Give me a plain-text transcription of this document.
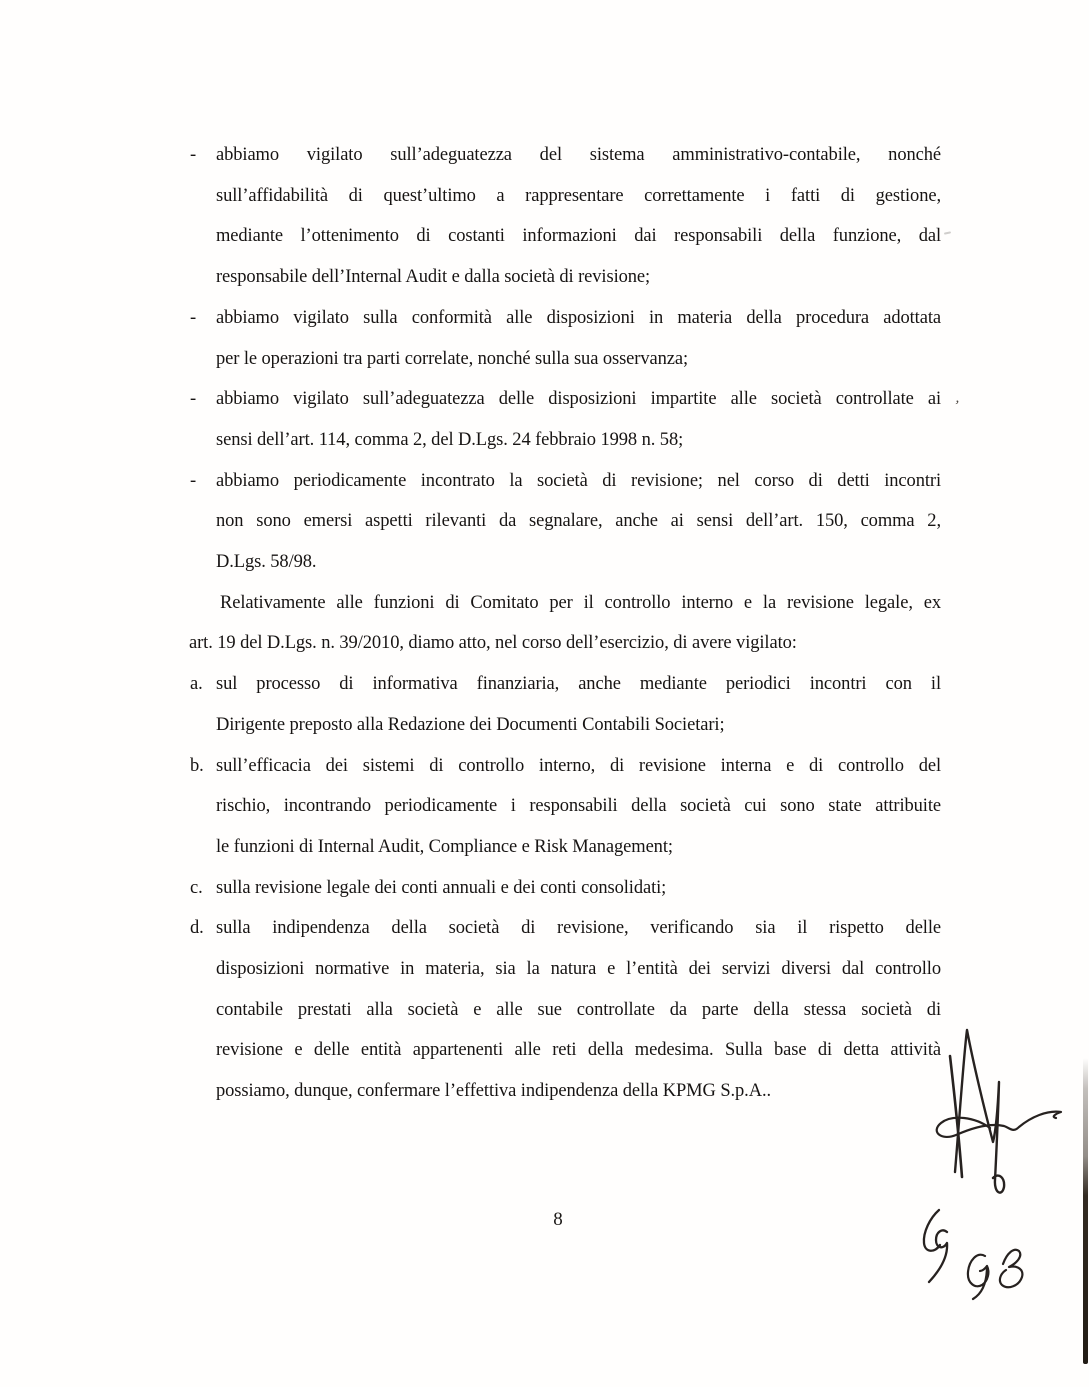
-	abbiamo vigilato sull’adeguatezza del sistema amministrativo-contabile, nonché
sull’affidabilità di quest’ultimo a rappresentare correttamente i fatti di gestione,
mediante l’ottenimento di costanti informazioni dai responsabili della funzione, dal
responsabile dell’Internal Audit e dalla società di revisione;
-	abbiamo vigilato sulla conformità alle disposizioni in materia della procedura adottata
per le operazioni tra parti correlate, nonché sulla sua osservanza;
-	abbiamo vigilato sull’adeguatezza delle disposizioni impartite alle società controllate ai
sensi dell’art. 114, comma 2, del D.Lgs. 24 febbraio 1998 n. 58;
-	abbiamo periodicamente incontrato la società di revisione; nel corso di detti incontri
non sono emersi aspetti rilevanti da segnalare, anche ai sensi dell’art. 150, comma 2,
D.Lgs. 58/98.
Relativamente alle funzioni di Comitato per il controllo interno e la revisione legale, ex
art. 19 del D.Lgs. n. 39/2010, diamo atto, nel corso dell’esercizio, di avere vigilato:
a. sul processo di informativa finanziaria, anche mediante periodici incontri con il
Dirigente preposto alla Redazione dei Documenti Contabili Societari;
b. sull’efficacia dei sistemi di controllo interno, di revisione interna e di controllo del
rischio, incontrando periodicamente i responsabili della società cui sono state attribuite
le funzioni di Internal Audit, Compliance e Risk Management;
c. sulla revisione legale dei conti annuali e dei conti consolidati;
d. sulla indipendenza della società di revisione, verificando sia il rispetto delle
disposizioni normative in materia, sia la natura e l’entità dei servizi diversi dal controllo
contabile prestati alla società e alle sue controllate da parte della stessa società di
revisione e delle entità appartenenti alle reti della medesima. Sulla base di detta attività
possiamo, dunque, confermare l’effettiva indipendenza della KPMG S.p.A..
8
,
